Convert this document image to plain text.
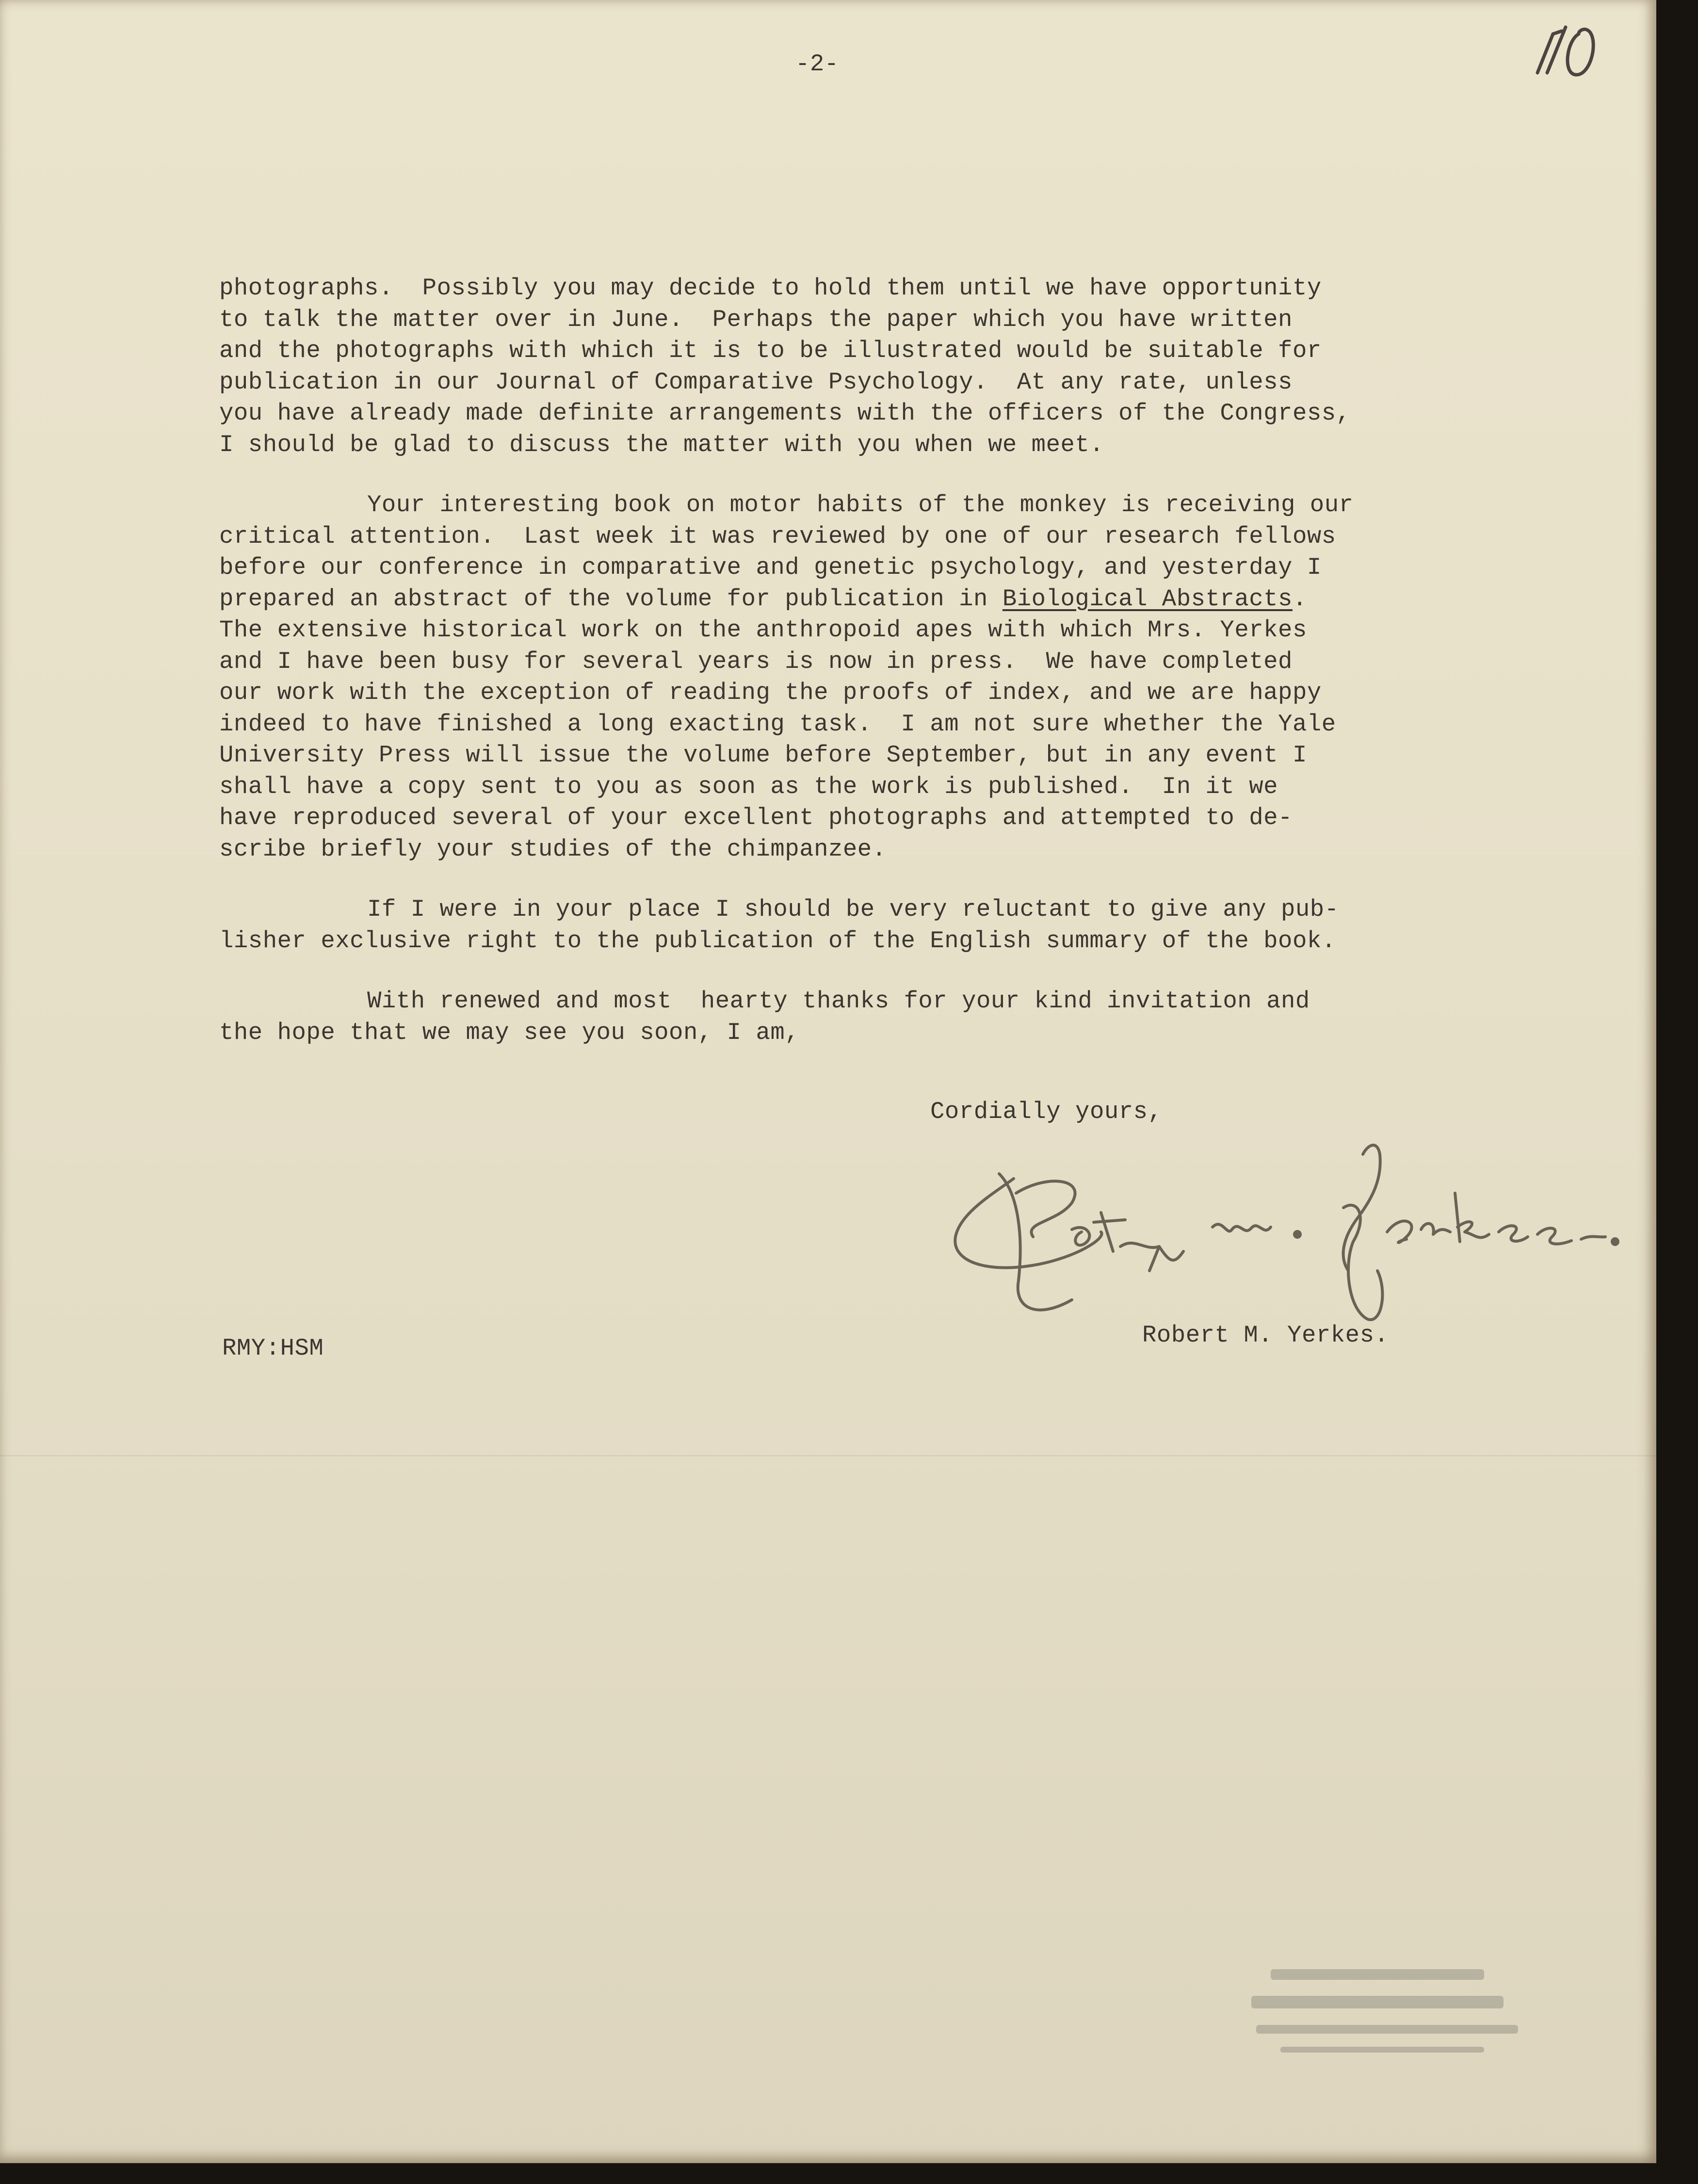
-2-
photographs.  Possibly you may decide to hold them until we have opportunity
to talk the matter over in June.  Perhaps the paper which you have written
and the photographs with which it is to be illustrated would be suitable for
publication in our Journal of Comparative Psychology.  At any rate, unless
you have already made definite arrangements with the officers of the Congress,
I should be glad to discuss the matter with you when we meet.
Your interesting book on motor habits of the monkey is receiving our
critical attention.  Last week it was reviewed by one of our research fellows
before our conference in comparative and genetic psychology, and yesterday I
prepared an abstract of the volume for publication in Biological Abstracts.
The extensive historical work on the anthropoid apes with which Mrs. Yerkes
and I have been busy for several years is now in press.  We have completed
our work with the exception of reading the proofs of index, and we are happy
indeed to have finished a long exacting task.  I am not sure whether the Yale
University Press will issue the volume before September, but in any event I
shall have a copy sent to you as soon as the work is published.  In it we
have reproduced several of your excellent photographs and attempted to de-
scribe briefly your studies of the chimpanzee.
If I were in your place I should be very reluctant to give any pub-
lisher exclusive right to the publication of the English summary of the book.
With renewed and most  hearty thanks for your kind invitation and
the hope that we may see you soon, I am,
Cordially yours,
Robert M. Yerkes.
RMY:HSM
